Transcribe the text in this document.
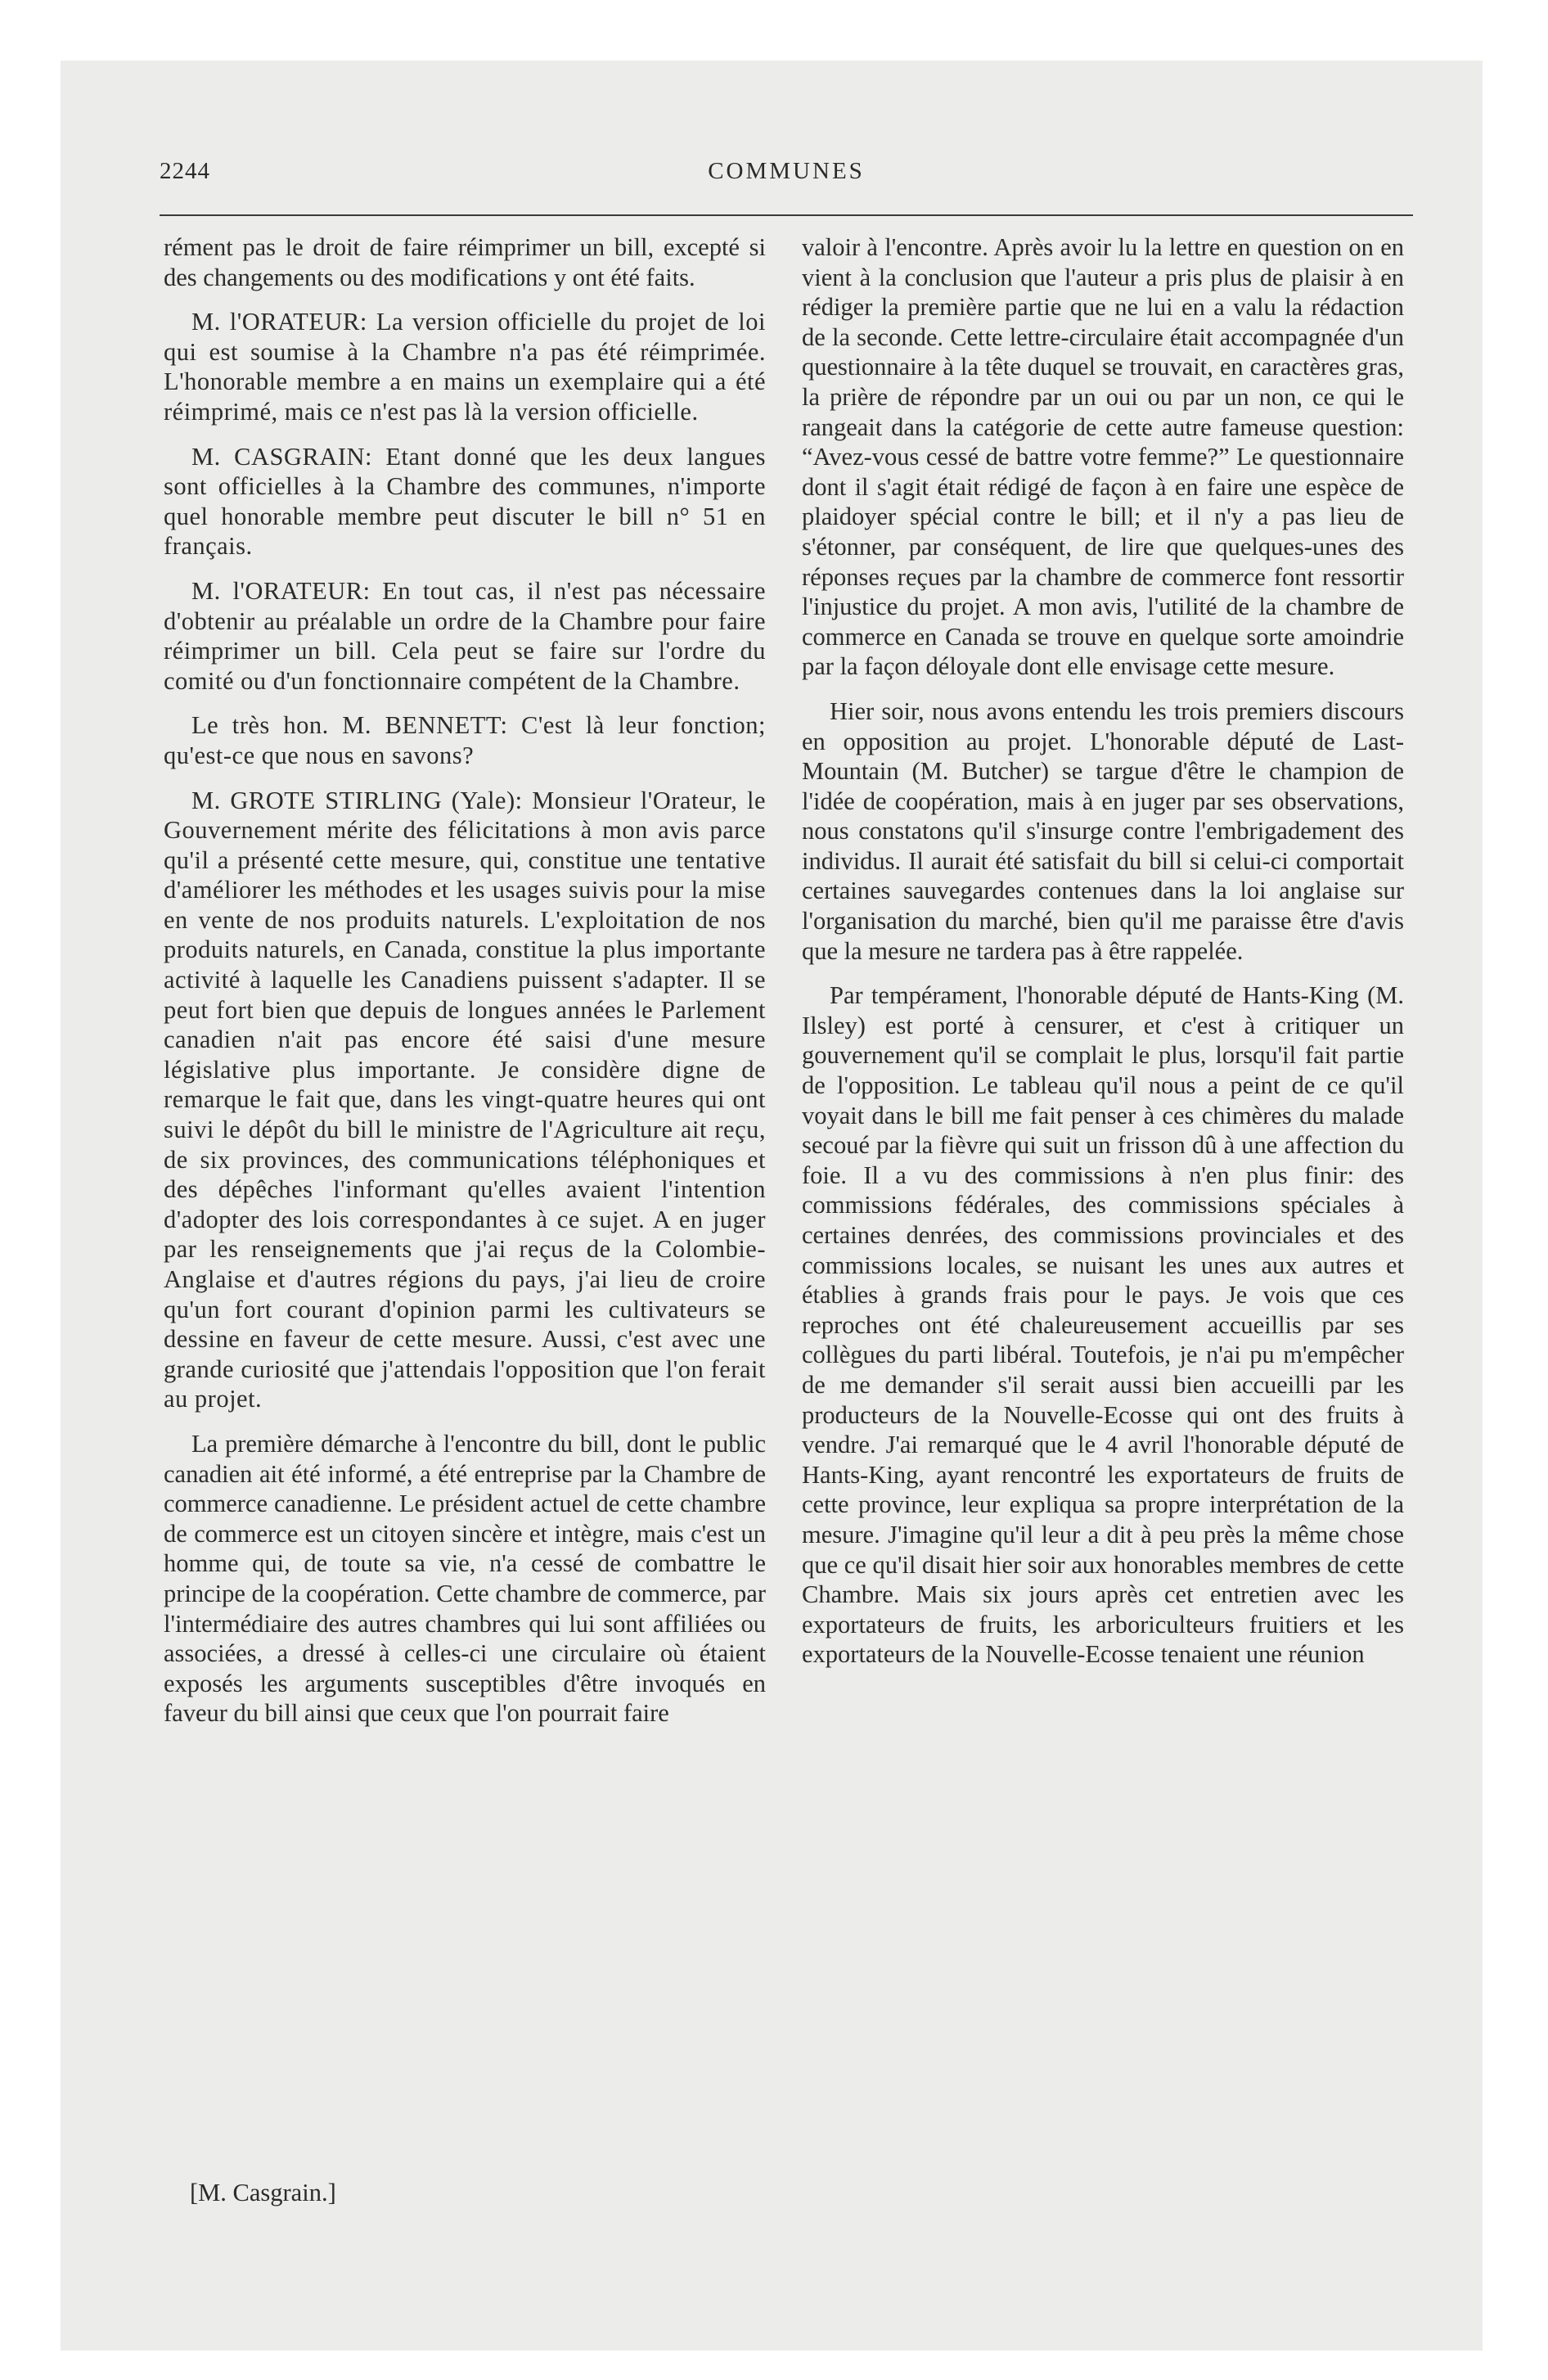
2244	COMMUNES

rément pas le droit de faire réimprimer un bill, excepté si des changements ou des modifications y ont été faits.

M. l'ORATEUR: La version officielle du projet de loi qui est soumise à la Chambre n'a pas été réimprimée. L'honorable membre a en mains un exemplaire qui a été réimprimé, mais ce n'est pas là la version officielle.

M. CASGRAIN: Etant donné que les deux langues sont officielles à la Chambre des communes, n'importe quel honorable membre peut discuter le bill n° 51 en français.

M. l'ORATEUR: En tout cas, il n'est pas nécessaire d'obtenir au préalable un ordre de la Chambre pour faire réimprimer un bill. Cela peut se faire sur l'ordre du comité ou d'un fonctionnaire compétent de la Chambre.

Le très hon. M. BENNETT: C'est là leur fonction; qu'est-ce que nous en savons?

M. GROTE STIRLING (Yale): Monsieur l'Orateur, le Gouvernement mérite des félicitations à mon avis parce qu'il a présenté cette mesure, qui, constitue une tentative d'améliorer les méthodes et les usages suivis pour la mise en vente de nos produits naturels. L'exploitation de nos produits naturels, en Canada, constitue la plus importante activité à laquelle les Canadiens puissent s'adapter. Il se peut fort bien que depuis de longues années le Parlement canadien n'ait pas encore été saisi d'une mesure législative plus importante. Je considère digne de remarque le fait que, dans les vingt-quatre heures qui ont suivi le dépôt du bill le ministre de l'Agriculture ait reçu, de six provinces, des communications téléphoniques et des dépêches l'informant qu'elles avaient l'intention d'adopter des lois correspondantes à ce sujet. A en juger par les renseignements que j'ai reçus de la Colombie-Anglaise et d'autres régions du pays, j'ai lieu de croire qu'un fort courant d'opinion parmi les cultivateurs se dessine en faveur de cette mesure. Aussi, c'est avec une grande curiosité que j'attendais l'opposition que l'on ferait au projet.

La première démarche à l'encontre du bill, dont le public canadien ait été informé, a été entreprise par la Chambre de commerce canadienne. Le président actuel de cette chambre de commerce est un citoyen sincère et intègre, mais c'est un homme qui, de toute sa vie, n'a cessé de combattre le principe de la coopération. Cette chambre de commerce, par l'intermédiaire des autres chambres qui lui sont affiliées ou associées, a dressé à celles-ci une circulaire où étaient exposés les arguments susceptibles d'être invoqués en faveur du bill ainsi que ceux que l'on pourrait faire

valoir à l'encontre. Après avoir lu la lettre en question on en vient à la conclusion que l'auteur a pris plus de plaisir à en rédiger la première partie que ne lui en a valu la rédaction de la seconde. Cette lettre-circulaire était accompagnée d'un questionnaire à la tête duquel se trouvait, en caractères gras, la prière de répondre par un oui ou par un non, ce qui le rangeait dans la catégorie de cette autre fameuse question: “Avez-vous cessé de battre votre femme?” Le questionnaire dont il s'agit était rédigé de façon à en faire une espèce de plaidoyer spécial contre le bill; et il n'y a pas lieu de s'étonner, par conséquent, de lire que quelques-unes des réponses reçues par la chambre de commerce font ressortir l'injustice du projet. A mon avis, l'utilité de la chambre de commerce en Canada se trouve en quelque sorte amoindrie par la façon déloyale dont elle envisage cette mesure.

Hier soir, nous avons entendu les trois premiers discours en opposition au projet. L'honorable député de Last-Mountain (M. Butcher) se targue d'être le champion de l'idée de coopération, mais à en juger par ses observations, nous constatons qu'il s'insurge contre l'embrigadement des individus. Il aurait été satisfait du bill si celui-ci comportait certaines sauvegardes contenues dans la loi anglaise sur l'organisation du marché, bien qu'il me paraisse être d'avis que la mesure ne tardera pas à être rappelée.

Par tempérament, l'honorable député de Hants-King (M. Ilsley) est porté à censurer, et c'est à critiquer un gouvernement qu'il se complait le plus, lorsqu'il fait partie de l'opposition. Le tableau qu'il nous a peint de ce qu'il voyait dans le bill me fait penser à ces chimères du malade secoué par la fièvre qui suit un frisson dû à une affection du foie. Il a vu des commissions à n'en plus finir: des commissions fédérales, des commissions spéciales à certaines denrées, des commissions provinciales et des commissions locales, se nuisant les unes aux autres et établies à grands frais pour le pays. Je vois que ces reproches ont été chaleureusement accueillis par ses collègues du parti libéral. Toutefois, je n'ai pu m'empêcher de me demander s'il serait aussi bien accueilli par les producteurs de la Nouvelle-Ecosse qui ont des fruits à vendre. J'ai remarqué que le 4 avril l'honorable député de Hants-King, ayant rencontré les exportateurs de fruits de cette province, leur expliqua sa propre interprétation de la mesure. J'imagine qu'il leur a dit à peu près la même chose que ce qu'il disait hier soir aux honorables membres de cette Chambre. Mais six jours après cet entretien avec les exportateurs de fruits, les arboriculteurs fruitiers et les exportateurs de la Nouvelle-Ecosse tenaient une réunion

[M. Casgrain.]
